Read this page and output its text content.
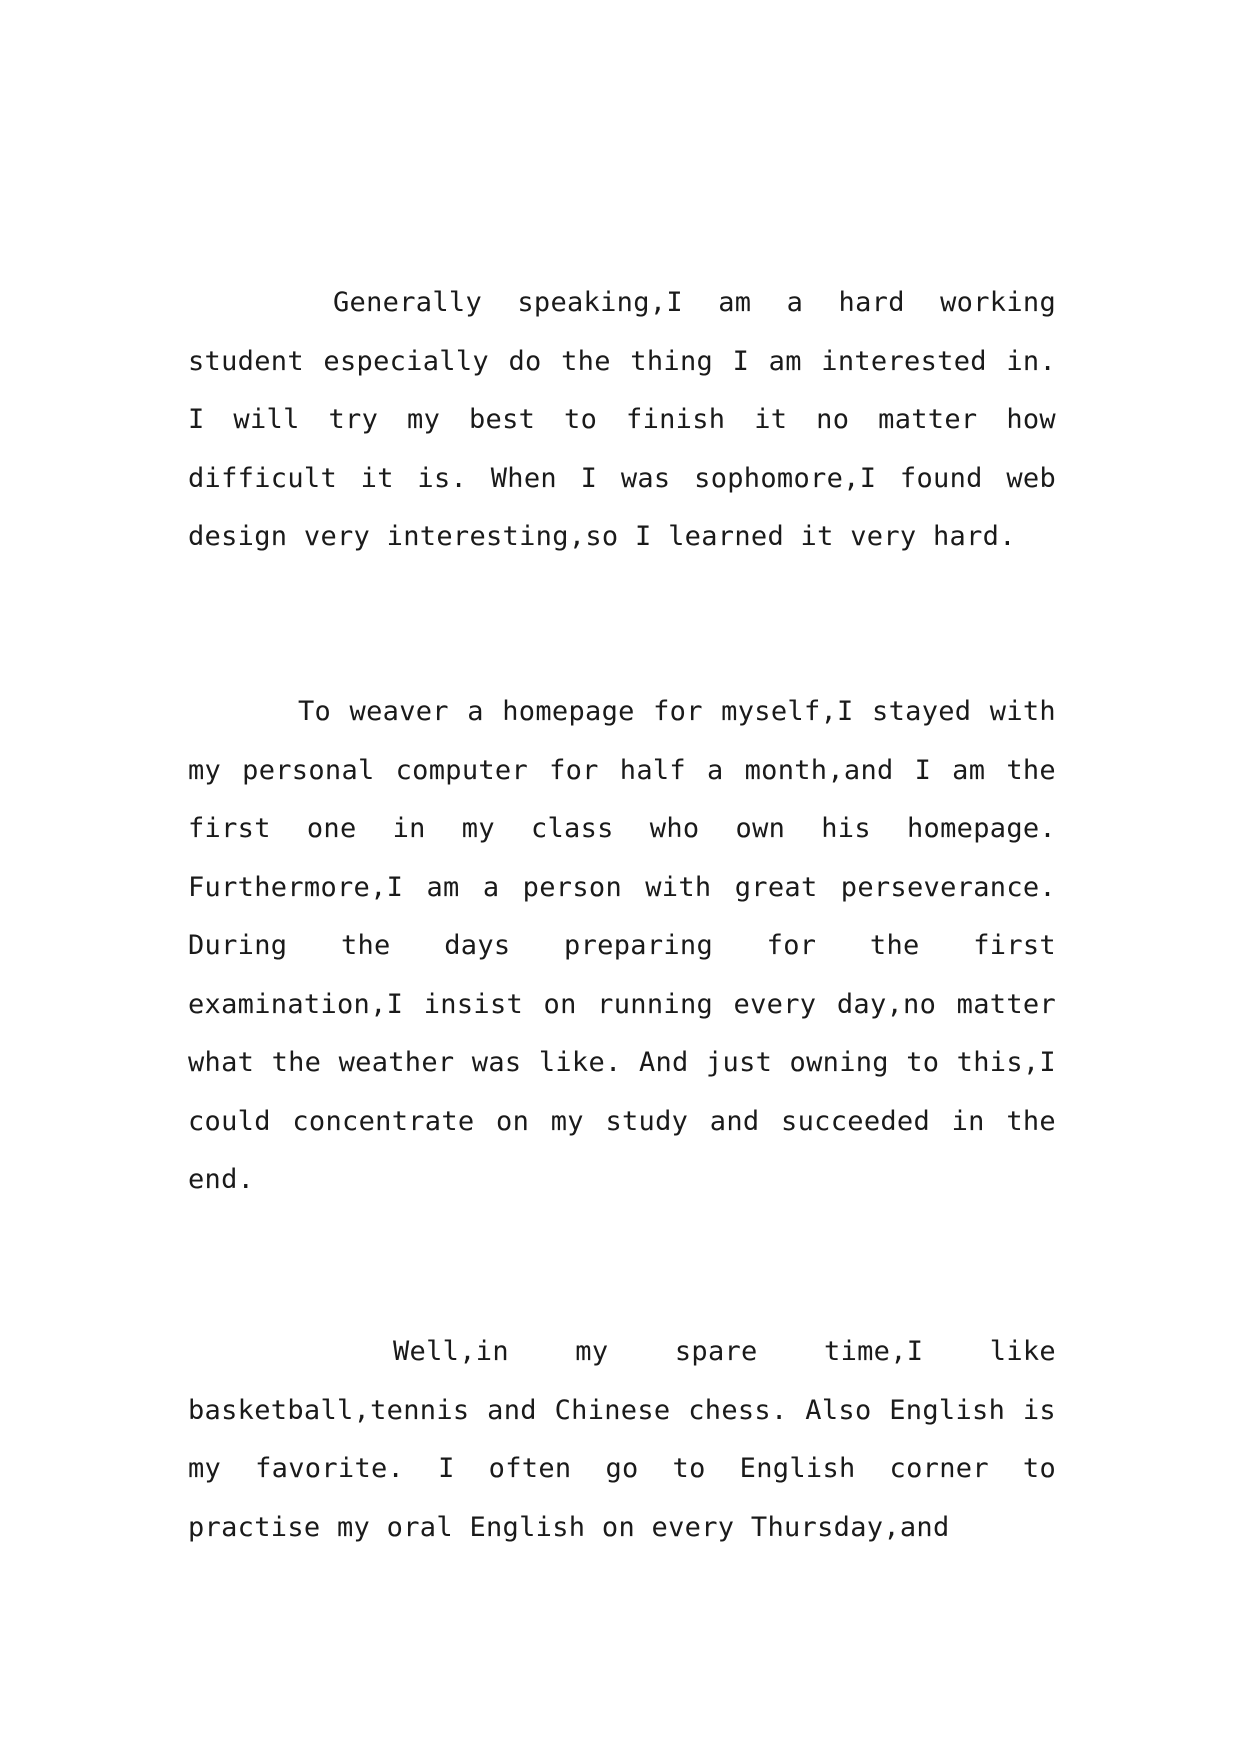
Generally speaking,I am a hard working student especially do the thing I am interested in. I will try my best to finish it no matter how difficult it is. When I was sophomore,I found web design very interesting,so I learned it very hard.

To weaver a homepage for myself,I stayed with my personal computer for half a month,and I am the first one in my class who own his homepage. Furthermore,I am a person with great perseverance. During the days preparing for the first examination,I insist on running every day,no matter what the weather was like. And just owning to this,I could concentrate on my study and succeeded in the end.

Well,in my spare time,I like basketball,tennis and Chinese chess. Also English is my favorite. I often go to English corner to practise my oral English on every Thursday,and
